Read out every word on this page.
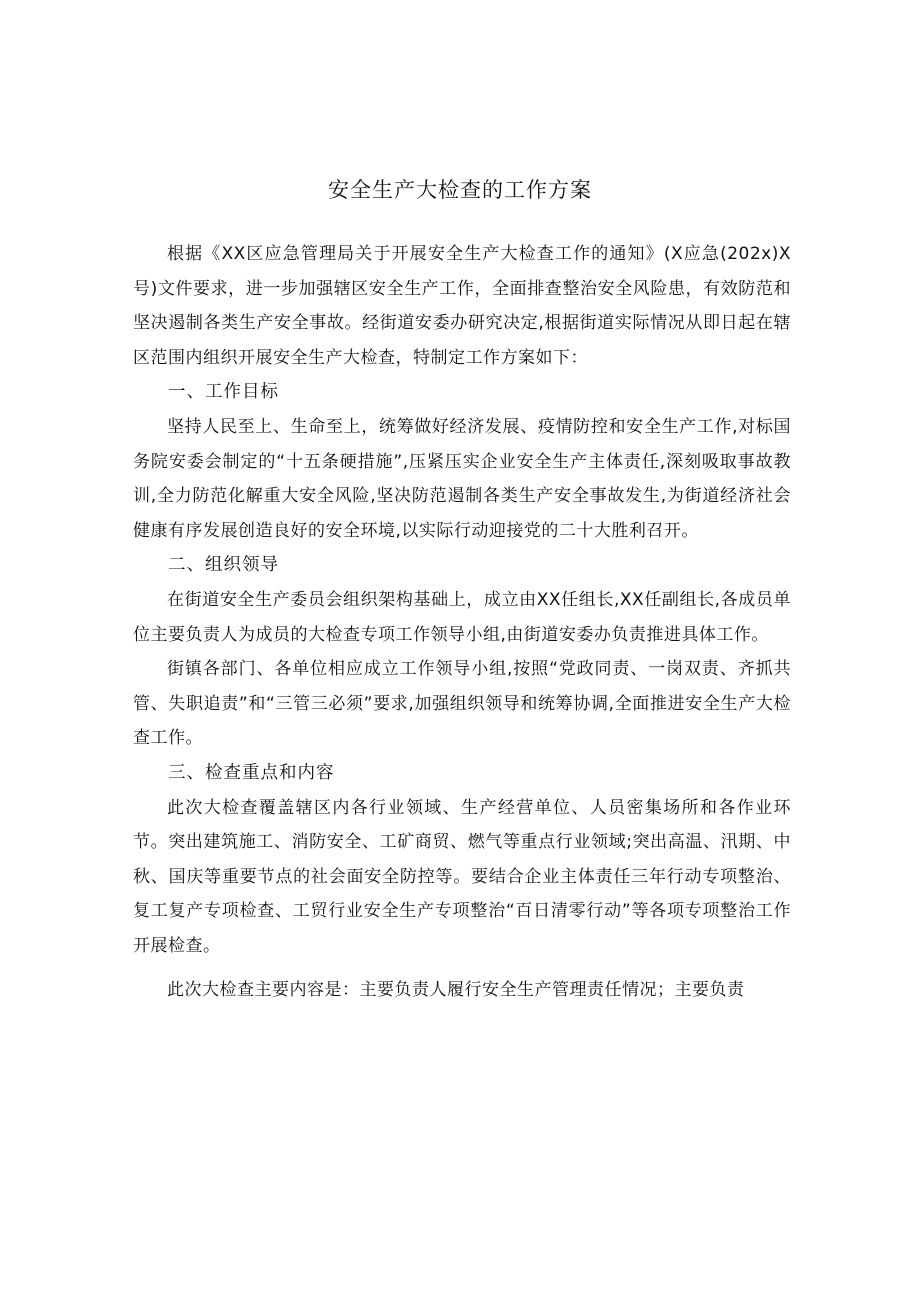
安全生产大检查的工作方案

根据《XX区应急管理局关于开展安全生产大检查工作的通知》(X应急(202x)X号)文件要求，进一步加强辖区安全生产工作，全面排查整治安全风险患，有效防范和坚决遏制各类生产安全事故。经街道安委办研究决定,根据街道实际情况从即日起在辖区范围内组织开展安全生产大检查，特制定工作方案如下：

一、工作目标

坚持人民至上、生命至上，统筹做好经济发展、疫情防控和安全生产工作,对标国务院安委会制定的“十五条硬措施”,压紧压实企业安全生产主体责任,深刻吸取事故教训,全力防范化解重大安全风险,坚决防范遏制各类生产安全事故发生,为街道经济社会健康有序发展创造良好的安全环境,以实际行动迎接党的二十大胜利召开。

二、组织领导

在街道安全生产委员会组织架构基础上，成立由XX任组长,XX任副组长,各成员单位主要负责人为成员的大检查专项工作领导小组,由街道安委办负责推进具体工作。

街镇各部门、各单位相应成立工作领导小组,按照“党政同责、一岗双责、齐抓共管、失职追责”和“三管三必须”要求,加强组织领导和统筹协调,全面推进安全生产大检查工作。

三、检查重点和内容

此次大检查覆盖辖区内各行业领域、生产经营单位、人员密集场所和各作业环节。突出建筑施工、消防安全、工矿商贸、燃气等重点行业领域;突出高温、汛期、中秋、国庆等重要节点的社会面安全防控等。要结合企业主体责任三年行动专项整治、复工复产专项检查、工贸行业安全生产专项整治“百日清零行动”等各项专项整治工作开展检查。

此次大检查主要内容是：主要负责人履行安全生产管理责任情况；主要负责
